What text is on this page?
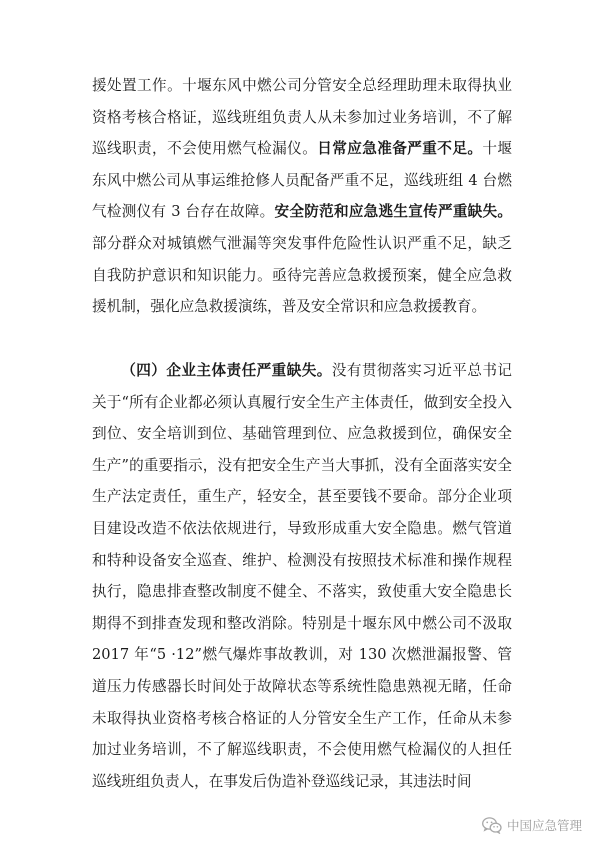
援处置工作。十堰东风中燃公司分管安全总经理助理未取得执业资格考核合格证，巡线班组负责人从未参加过业务培训，不了解巡线职责，不会使用燃气检漏仪。日常应急准备严重不足。十堰东风中燃公司从事运维抢修人员配备严重不足，巡线班组 4 台燃气检测仪有 3 台存在故障。安全防范和应急逃生宣传严重缺失。部分群众对城镇燃气泄漏等突发事件危险性认识严重不足，缺乏自我防护意识和知识能力。亟待完善应急救援预案，健全应急救援机制，强化应急救援演练，普及安全常识和应急救援教育。

（四）企业主体责任严重缺失。没有贯彻落实习近平总书记关于“所有企业都必须认真履行安全生产主体责任，做到安全投入到位、安全培训到位、基础管理到位、应急救援到位，确保安全生产”的重要指示，没有把安全生产当大事抓，没有全面落实安全生产法定责任，重生产，轻安全，甚至要钱不要命。部分企业项目建设改造不依法依规进行，导致形成重大安全隐患。燃气管道和特种设备安全巡查、维护、检测没有按照技术标准和操作规程执行，隐患排查整改制度不健全、不落实，致使重大安全隐患长期得不到排查发现和整改消除。特别是十堰东风中燃公司不汲取 2017 年“5 ·12”燃气爆炸事故教训，对 130 次燃泄漏报警、管道压力传感器长时间处于故障状态等系统性隐患熟视无睹，任命未取得执业资格考核合格证的人分管安全生产工作，任命从未参加过业务培训，不了解巡线职责，不会使用燃气检漏仪的人担任巡线班组负责人，在事发后伪造补登巡线记录，其违法时间

中国应急管理
